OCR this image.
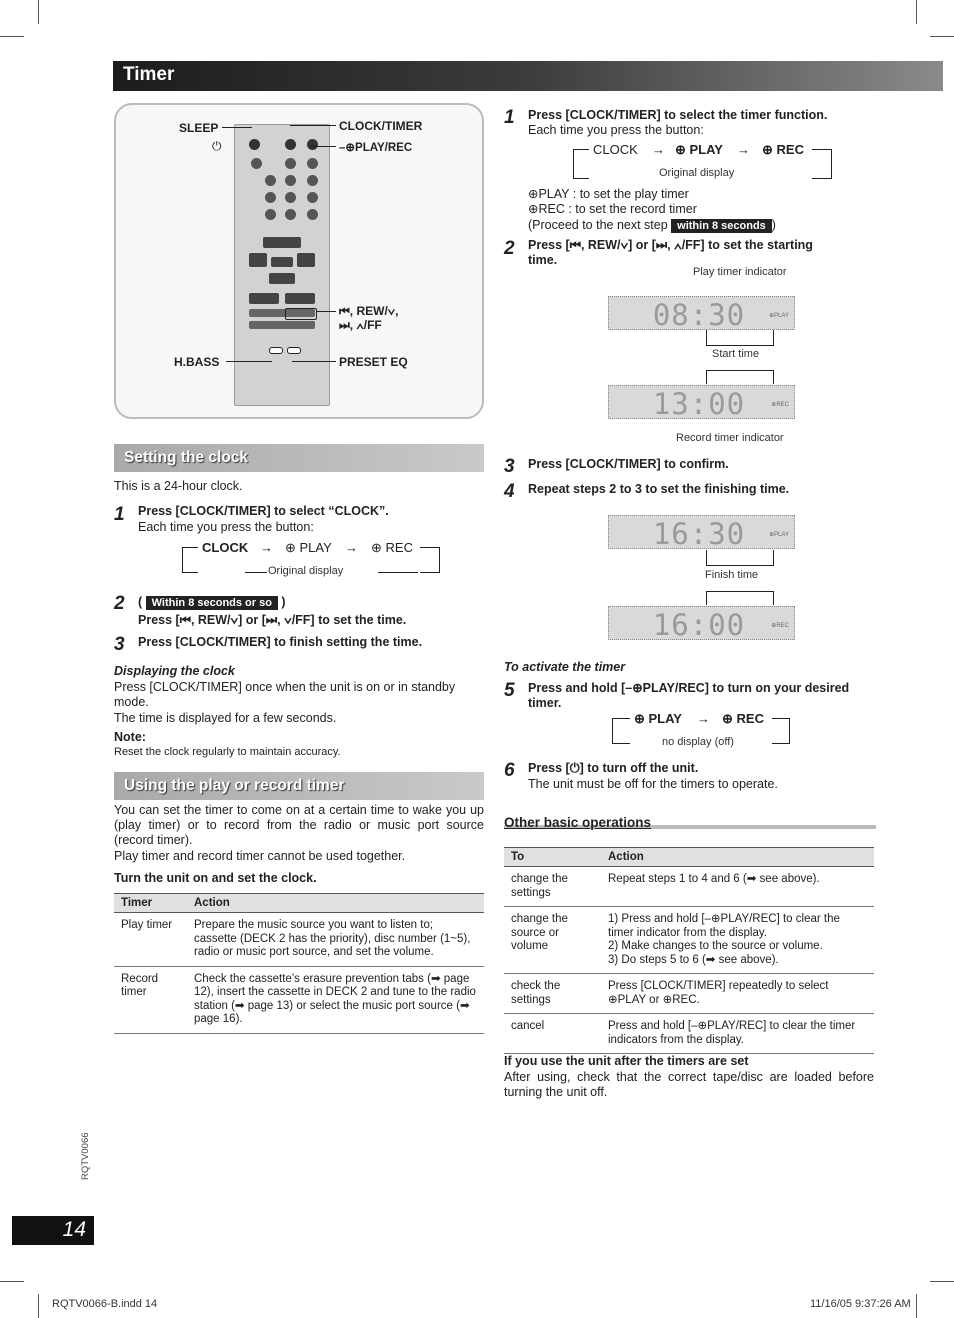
Timer
SLEEP
⏻
CLOCK/TIMER
–⊕PLAY/REC
⏮, REW/∨,
⏭, ∧/FF
H.BASS	PRESET EQ
Setting the clock
This is a 24-hour clock.
1 Press [CLOCK/TIMER] to select “CLOCK”.
Each time you press the button:
CLOCK → ⊕ PLAY → ⊕ REC
Original display
2 ( Within 8 seconds or so )
Press [⏮, REW/∨] or [⏭, ∨/FF] to set the time.
3 Press [CLOCK/TIMER] to finish setting the time.
Displaying the clock
Press [CLOCK/TIMER] once when the unit is on or in standby mode.
The time is displayed for a few seconds.
Note:
Reset the clock regularly to maintain accuracy.
Using the play or record timer
You can set the timer to come on at a certain time to wake you up (play timer) or to record from the radio or music port source (record timer).
Play timer and record timer cannot be used together.
Turn the unit on and set the clock.
Timer	Action
Play timer	Prepare the music source you want to listen to; cassette (DECK 2 has the priority), disc number (1~5), radio or music port source, and set the volume.
Record timer	Check the cassette’s erasure prevention tabs (➡ page 12), insert the cassette in DECK 2 and tune to the radio station (➡ page 13) or select the music port source (➡ page 16).
1 Press [CLOCK/TIMER] to select the timer function.
Each time you press the button:
CLOCK → ⊕ PLAY → ⊕ REC
Original display
⊕PLAY : to set the play timer
⊕REC : to set the record timer
(Proceed to the next step within 8 seconds )
2 Press [⏮, REW/∨] or [⏭, ∧/FF] to set the starting time.
Play timer indicator
08:30	⊕PLAY
Start time
13:00	⊕REC
Record timer indicator
3 Press [CLOCK/TIMER] to confirm.
4 Repeat steps 2 to 3 to set the finishing time.
16:30	⊕PLAY
Finish time
16:00	⊕REC
To activate the timer
5 Press and hold [–⊕PLAY/REC] to turn on your desired timer.
⊕ PLAY → ⊕ REC
no display (off)
6 Press [⏻] to turn off the unit.
The unit must be off for the timers to operate.
Other basic operations
To	Action
change the settings	Repeat steps 1 to 4 and 6 (➡ see above).
change the source or volume	1) Press and hold [–⊕PLAY/REC] to clear the timer indicator from the display.
2) Make changes to the source or volume.
3) Do steps 5 to 6 (➡ see above).
check the settings	Press [CLOCK/TIMER] repeatedly to select ⊕PLAY or ⊕REC.
cancel	Press and hold [–⊕PLAY/REC] to clear the timer indicators from the display.
If you use the unit after the timers are set
After using, check that the correct tape/disc are loaded before turning the unit off.
RQTV0066
14
RQTV0066-B.indd 14	11/16/05 9:37:26 AM
